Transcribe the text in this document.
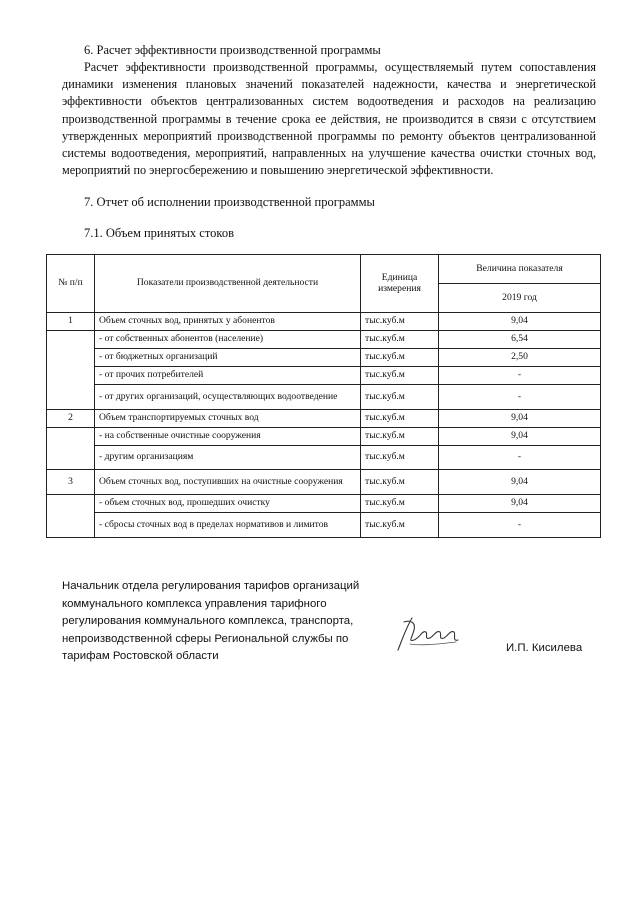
6. Расчет эффективности производственной программы

Расчет эффективности производственной программы, осуществляемый путем сопоставления динамики изменения плановых значений показателей надежности, качества и энергетической эффективности объектов централизованных систем водоотведения и расходов на реализацию производственной программы в течение срока ее действия, не производится в связи с отсутствием утвержденных мероприятий производственной программы по ремонту объектов централизованной системы водоотведения, мероприятий, направленных на улучшение качества очистки сточных вод, мероприятий по энергосбережению и повышению энергетической эффективности.

7. Отчет об исполнении производственной программы
7.1. Объем принятых стоков
№ п/п	Показатели производственной деятельности	Единица измерения	Величина показателя
			2019 год
1	Объем сточных вод, принятых у абонентов	тыс.куб.м	9,04
	- от собственных абонентов (население)	тыс.куб.м	6,54
	- от бюджетных организаций	тыс.куб.м	2,50
	- от прочих потребителей	тыс.куб.м	-
	- от других организаций, осуществляющих водоотведение	тыс.куб.м	-
2	Объем транспортируемых сточных вод	тыс.куб.м	9,04
	- на собственные очистные сооружения	тыс.куб.м	9,04
	- другим организациям	тыс.куб.м	-
3	Объем сточных вод, поступивших на очистные сооружения	тыс.куб.м	9,04
	- объем сточных вод, прошедших очистку	тыс.куб.м	9,04
	- сбросы сточных вод в пределах нормативов и лимитов	тыс.куб.м	-
Начальник отдела регулирования тарифов организаций коммунального комплекса управления тарифного регулирования коммунального комплекса, транспорта, непроизводственной сферы Региональной службы по тарифам Ростовской области
И.П. Кисилева
